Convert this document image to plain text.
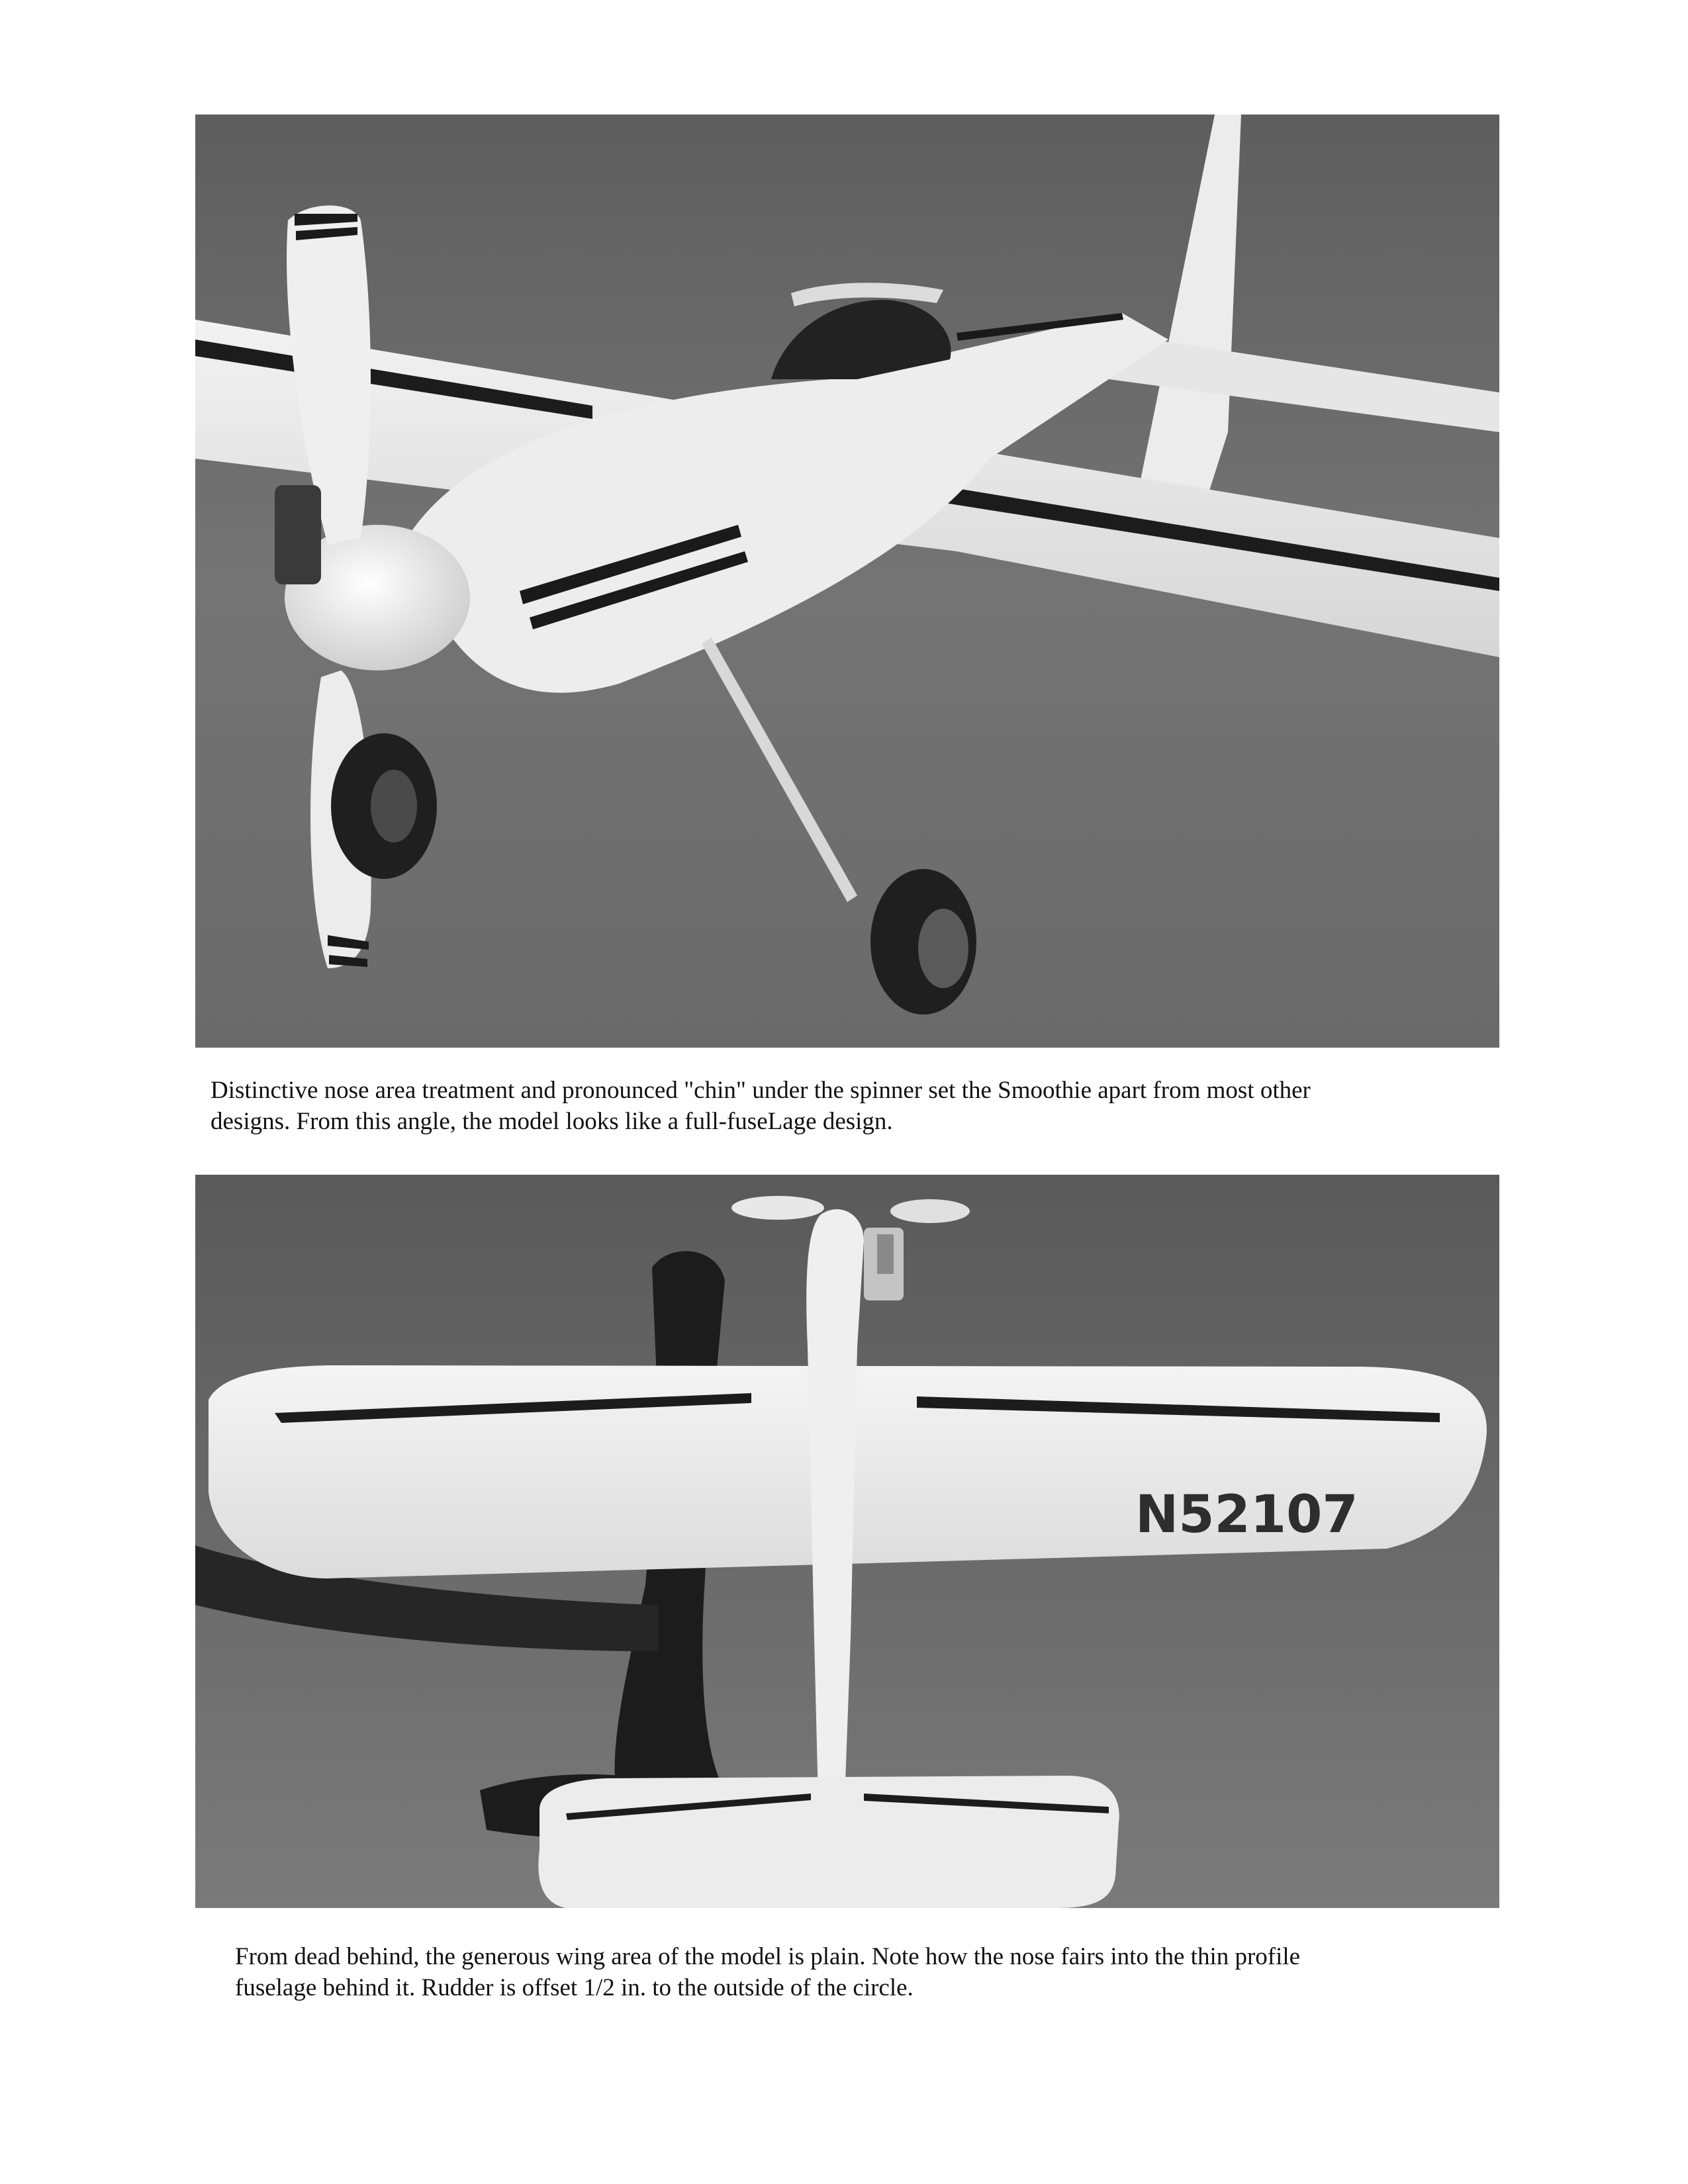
Distinctive nose area treatment and pronounced "chin" under the spinner set the Smoothie apart from most other
designs. From this angle, the model looks like a full-fuseLage design.

N52107

From dead behind, the generous wing area of the model is plain. Note how the nose fairs into the thin profile
fuselage behind it. Rudder is offset 1/2 in. to the outside of the circle.
